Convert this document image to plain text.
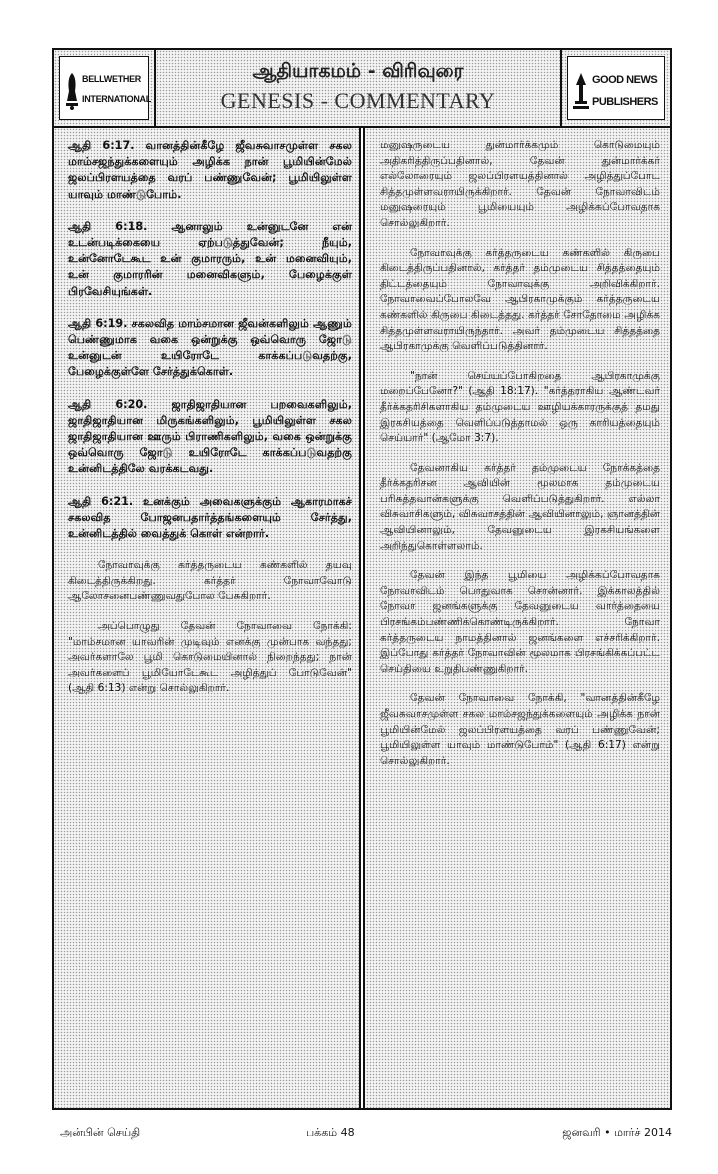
BELLWETHER
INTERNATIONAL
ஆதியாகமம் - விரிவுரை
GENESIS - COMMENTARY
GOOD NEWS
PUBLISHERS

ஆதி 6:17. வானத்தின்கீழே ஜீவசுவாசமுள்ள சகல மாம்சஜந்துக்களையும் அழிக்க நான் பூமியின்மேல் ஜலப்பிரளயத்தை வரப் பண்ணுவேன்; பூமியிலுள்ள யாவும் மாண்டுபோம்.

ஆதி 6:18. ஆனாலும் உன்னுடனே என் உடன்படிக்கையை ஏற்படுத்துவேன்; நீயும், உன்னோடேகூட உன் குமாரரும், உன் மனைவியும், உன் குமாரரின் மனைவிகளும், பேழைக்குள் பிரவேசியுங்கள்.

ஆதி 6:19. சகலவித மாம்சமான ஜீவன்களிலும் ஆணும் பெண்ணுமாக வகை ஒன்றுக்கு ஒவ்வொரு ஜோடு உன்னுடன் உயிரோடே காக்கப்படுவதற்கு, பேழைக்குள்ளே சேர்த்துக்கொள்.

ஆதி 6:20. ஜாதிஜாதியான பறவைகளிலும், ஜாதிஜாதியான மிருகங்களிலும், பூமியிலுள்ள சகல ஜாதிஜாதியான ஊரும் பிராணிகளிலும், வகை ஒன்றுக்கு ஒவ்வொரு ஜோடு உயிரோடே காக்கப்படுவதற்கு உன்னிடத்திலே வரக்கடவது.

ஆதி 6:21. உனக்கும் அவைகளுக்கும் ஆகாரமாகச் சகலவித போஜனபதார்த்தங்களையும் சேர்த்து, உன்னிடத்தில் வைத்துக் கொள் என்றார்.

நோவாவுக்கு கர்த்தருடைய கண்களில் தயவு கிடைத்திருக்கிறது. கர்த்தர் நோவாவோடு ஆலோசனைபண்ணுவதுபோல பேசுகிறார்.

அப்பொழுது தேவன் நோவாவை நோக்கி: "மாம்சமான யாவரின் முடிவும் எனக்கு முன்பாக வந்தது; அவர்களாலே பூமி கொடுமையினால் நிறைந்தது; நான் அவர்களைப் பூமியோடேகூட அழித்துப் போடுவேன்" (ஆதி 6:13) என்று சொல்லுகிறார்.

மனுஷருடைய துன்மார்க்கமும் கொடுமையும் அதிகரித்திருப்பதினால், தேவன் துன்மார்க்கர் எல்லோரையும் ஜலப்பிரளயத்தினால் அழித்துப்போட சித்தமுள்ளவராயிருக்கிறார். தேவன் நோவாவிடம் மனுஷரையும் பூமியையும் அழிக்கப்போவதாக சொல்லுகிறார்.

நோவாவுக்கு கர்த்தருடைய கண்களில் கிருபை கிடைத்திருப்பதினால், கர்த்தர் தம்முடைய சித்தத்தையும் திட்டத்தையும் நோவாவுக்கு அறிவிக்கிறார். நோவாவைப்போலவே ஆபிரகாமுக்கும் கர்த்தருடைய கண்களில் கிருபை கிடைத்தது. கர்த்தர் சோதோமை அழிக்க சித்தமுள்ளவராயிருந்தார். அவர் தம்முடைய சித்தத்தை ஆபிரகாமுக்கு வெளிப்படுத்தினார்.

"நான் செய்யப்போகிறதை ஆபிரகாமுக்கு மறைப்பேனோ?" (ஆதி 18:17). "கர்த்தராகிய ஆண்டவர் தீர்க்கதரிசிகளாகிய தம்முடைய ஊழியக்காரருக்குத் தமது இரகசியத்தை வெளிப்படுத்தாமல் ஒரு காரியத்தையும் செய்யார்" (ஆமோ 3:7).

தேவனாகிய கர்த்தர் தம்முடைய நோக்கத்தை தீர்க்கதரிசன ஆவியின் மூலமாக தம்முடைய பரிசுத்தவான்களுக்கு வெளிப்படுத்துகிறார். எல்லா விசுவாசிகளும், விசுவாசத்தின் ஆவியினாலும், ஞானத்தின் ஆவியினாலும், தேவனுடைய இரகசியங்களை அறிந்துகொள்ளலாம்.

தேவன் இந்த பூமியை அழிக்கப்போவதாக நோவாவிடம் பொதுவாக சொன்னார். இக்காலத்தில் நோவா ஜனங்களுக்கு தேவனுடைய வார்த்தையை பிரசங்கம்பண்ணிக்கொண்டிருக்கிறார். நோவா கர்த்தருடைய நாமத்தினால் ஜனங்களை எச்சரிக்கிறார். இப்போது கர்த்தர் நோவாவின் மூலமாக பிரசங்கிக்கப்பட்ட செய்தியை உறுதிபண்ணுகிறார்.

தேவன் நோவாவை நோக்கி, "வானத்தின்கீழே ஜீவசுவாசமுள்ள சகல மாம்சஜந்துக்களையும் அழிக்க நான் பூமியின்மேல் ஜலப்பிரளயத்தை வரப் பண்ணுவேன்; பூமியிலுள்ள யாவும் மாண்டுபோம்" (ஆதி 6:17) என்று சொல்லுகிறார்.

அன்பின் செய்தி	பக்கம் 48	ஜனவரி • மார்ச் 2014
